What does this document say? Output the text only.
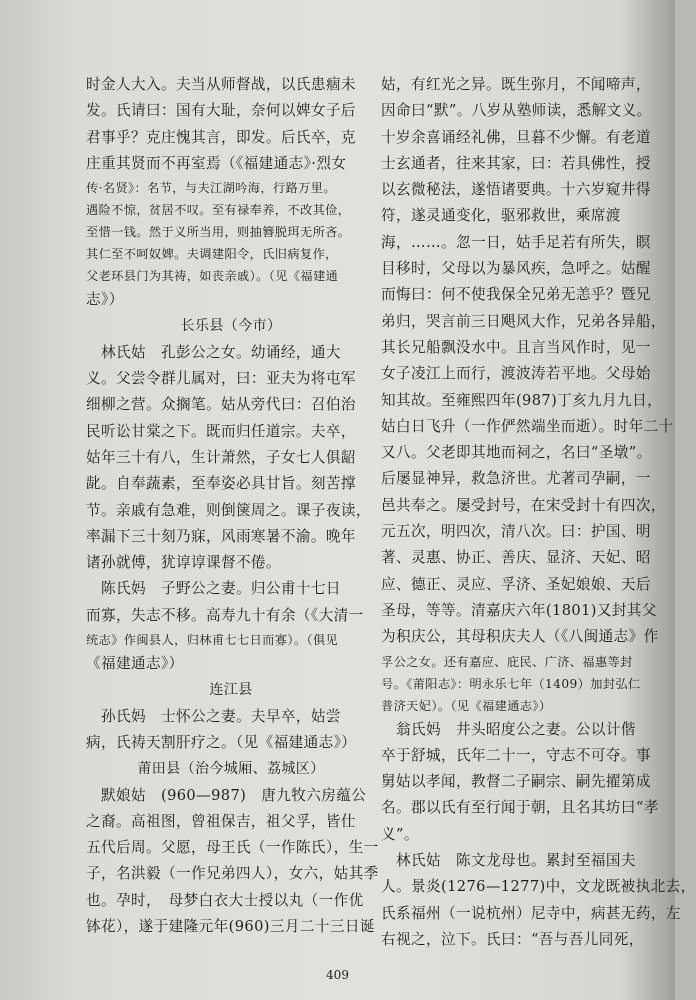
时金人大入。夫当从师督战，以氏患痼未
发。氏请曰：国有大耻，奈何以婢女子后
君事乎？克庄愧其言，即发。后氏卒，克
庄重其贤而不再室焉（《福建通志》·烈女
传·名贤》：名节，与夫江湖吟海，行路万里。
遇险不惊，贫居不叹。至有禄奉养，不改其俭，
至惜一钱。然于义所当用，则抽簪脱珥无所吝。
其仁至不呵奴婢。夫调建阳令，氏旧病复作，
父老环县门为其祷，如丧亲戚）。（见《福建通
志》）
长乐县（今市）
　林氏姑　孔彭公之女。幼诵经，通大
义。父尝令群儿属对，曰：亚夫为将屯军
细柳之营。众搁笔。姑从旁代曰：召伯治
民听讼甘棠之下。既而归任道宗。夫卒，
姑年三十有八，生计萧然，子女七人俱龆
龀。自奉蔬素，至奉姿必具甘旨。刻苦撑
节。亲戚有急难，则倒箧周之。课子夜读，
率漏下三十刻乃寐，风雨寒暑不渝。晚年
诸孙就傅，犹谆谆课督不倦。
　陈氏妈　子野公之妻。归公甫十七日
而寡，失志不移。高寿九十有余（《大清一
统志》作闽县人，归林甫七七日而寡）。（俱见
《福建通志》）
连江县
　孙氏妈　士怀公之妻。夫早卒，姑尝
病，氏祷天割肝疗之。（见《福建通志》）
莆田县（治今城厢、荔城区）
　默娘姑　(960—987)　唐九牧六房蕴公
之裔。高祖图，曾祖保吉，祖父孚，皆仕
五代后周。父愿，母王氏（一作陈氏），生一
子，名洪毅（一作兄弟四人），女六，姑其季
也。孕时，　母梦白衣大士授以丸（一作优
钵花），遂于建隆元年(960)三月二十三日诞
姑，有红光之异。既生弥月，不闻啼声，
因命曰“默”。八岁从塾师读，悉解文义。
十岁余喜诵经礼佛，旦暮不少懈。有老道
士玄通者，往来其家，曰：若具佛性，授
以玄微秘法，遂悟诸要典。十六岁窥井得
符，遂灵通变化，驱邪救世，乘席渡
海，……。忽一日，姑手足若有所失，瞑
目移时，父母以为暴风疾，急呼之。姑醒
而悔曰：何不使我保全兄弟无恙乎？暨兄
弟归，哭言前三日飓风大作，兄弟各异船，
其长兄船飘没水中。且言当风作时，见一
女子凌江上而行，渡波涛若平地。父母始
知其故。至雍熙四年(987)丁亥九月九日，
姑白日飞升（一作俨然端坐而逝）。时年二十
又八。父老即其地而祠之，名曰“圣墩”。
后屡显神异，救急济世。尤著司孕嗣，一
邑共奉之。屡受封号，在宋受封十有四次，
元五次，明四次，清八次。曰：护国、明
著、灵惠、协正、善庆、显济、天妃、昭
应、德正、灵应、孚济、圣妃娘娘、天后
圣母，等等。清嘉庆六年(1801)又封其父
为积庆公，其母积庆夫人（《八闽通志》作
孚公之女。还有嘉应、庇民、广济、福惠等封
号。《莆阳志》：明永乐七年（1409）加封弘仁
普济天妃）。（见《福建通志》）
　翁氏妈　井头昭度公之妻。公以计偕
卒于舒城，氏年二十一，守志不可夺。事
舅姑以孝闻，教督二子嗣宗、嗣先擢第成
名。郡以氏有至行闻于朝，且名其坊曰“孝
义”。
　林氏姑　陈文龙母也。累封至福国夫
人。景炎(1276—1277)中，文龙既被执北去，
氏系福州（一说杭州）尼寺中，病甚无药，左
右视之，泣下。氏曰：“吾与吾儿同死，
409
